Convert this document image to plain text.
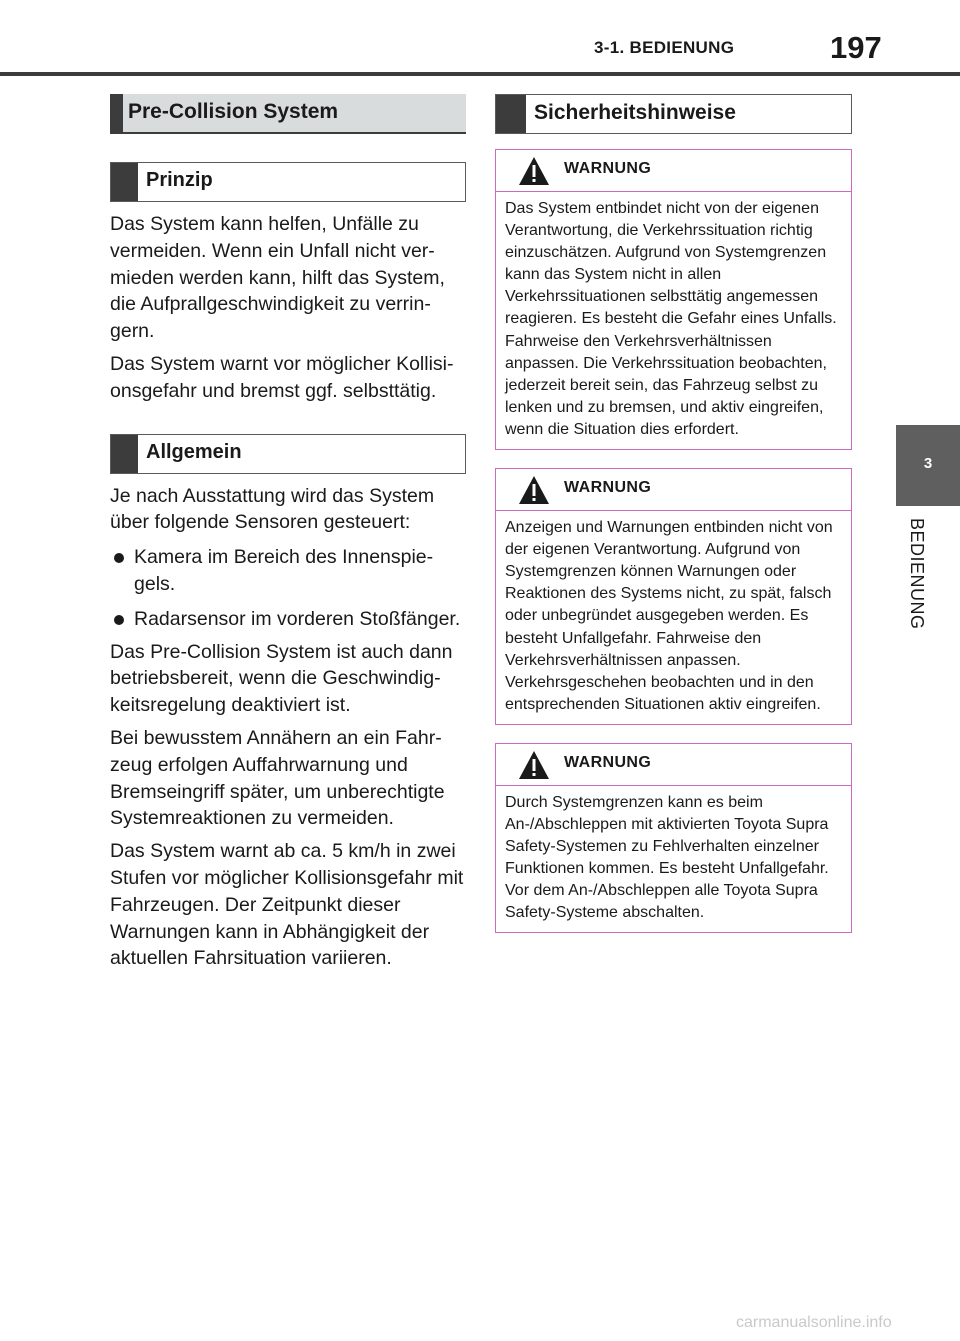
3-1. BEDIENUNG	197
3
BEDIENUNG
Pre-Collision System
Prinzip

Das System kann helfen, Unfälle zu vermeiden. Wenn ein Unfall nicht vermieden werden kann, hilft das System, die Aufprallgeschwindigkeit zu verringern.

Das System warnt vor möglicher Kollisionsgefahr und bremst ggf. selbsttätig.

Allgemein

Je nach Ausstattung wird das System über folgende Sensoren gesteuert:

Kamera im Bereich des Innenspiegels.
Radarsensor im vorderen Stoßfänger.

Das Pre-Collision System ist auch dann betriebsbereit, wenn die Geschwindigkeitsregelung deaktiviert ist.

Bei bewusstem Annähern an ein Fahrzeug erfolgen Auffahrwarnung und Bremseingriff später, um unberechtigte Systemreaktionen zu vermeiden.

Das System warnt ab ca. 5 km/h in zwei Stufen vor möglicher Kollisionsgefahr mit Fahrzeugen. Der Zeitpunkt dieser Warnungen kann in Abhängigkeit der aktuellen Fahrsituation variieren.

Sicherheitshinweise
WARNUNG
Das System entbindet nicht von der eigenen Verantwortung, die Verkehrssituation richtig einzuschätzen. Aufgrund von Systemgrenzen kann das System nicht in allen Verkehrssituationen selbsttätig angemessen reagieren. Es besteht die Gefahr eines Unfalls. Fahrweise den Verkehrsverhältnissen anpassen. Die Verkehrssituation beobachten, jederzeit bereit sein, das Fahrzeug selbst zu lenken und zu bremsen, und aktiv eingreifen, wenn die Situation dies erfordert.
WARNUNG
Anzeigen und Warnungen entbinden nicht von der eigenen Verantwortung. Aufgrund von Systemgrenzen können Warnungen oder Reaktionen des Systems nicht, zu spät, falsch oder unbegründet ausgegeben werden. Es besteht Unfallgefahr. Fahrweise den Verkehrsverhältnissen anpassen. Verkehrsgeschehen beobachten und in den entsprechenden Situationen aktiv eingreifen.
WARNUNG
Durch Systemgrenzen kann es beim An-/Abschleppen mit aktivierten Toyota Supra Safety-Systemen zu Fehlverhalten einzelner Funktionen kommen. Es besteht Unfallgefahr. Vor dem An-/Abschleppen alle Toyota Supra Safety-Systeme abschalten.
carmanualsonline.info
